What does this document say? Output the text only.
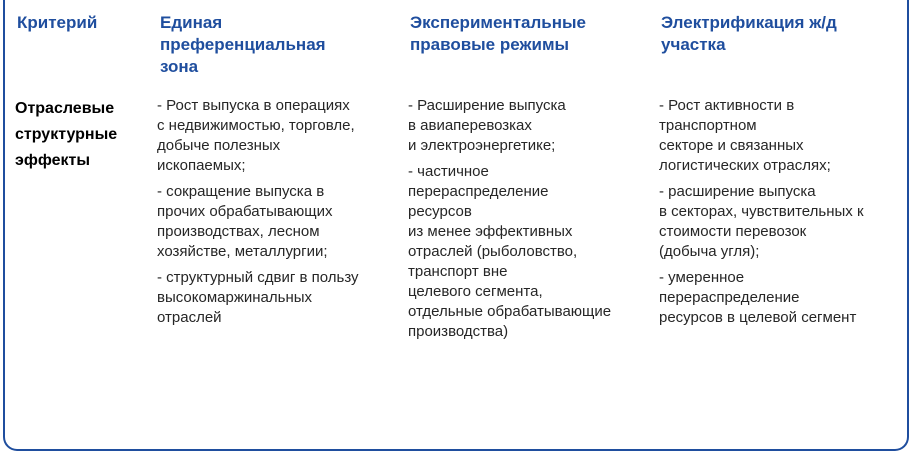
Критерий	Единая
преференциальная
зона
Экспериментальные
правовые режимы
Электрификация ж/д
участка
Отраслевые
структурные
эффекты

- Рост выпуска в операциях
с недвижимостью, торговле,
добыче полезных
ископаемых;

- сокращение выпуска в
прочих обрабатывающих
производствах, лесном
хозяйстве, металлургии;

- структурный сдвиг в пользу
высокомаржинальных
отраслей

- Расширение выпуска
в авиаперевозках
и электроэнергетике;

- частичное
перераспределение
ресурсов
из менее эффективных
отраслей (рыболовство,
транспорт вне
целевого сегмента,
отдельные обрабатывающие
производства)

- Рост активности в
транспортном
секторе и связанных
логистических отраслях;

- расширение выпуска
в секторах, чувствительных к
стоимости перевозок
(добыча угля);

- умеренное
перераспределение
ресурсов в целевой сегмент
